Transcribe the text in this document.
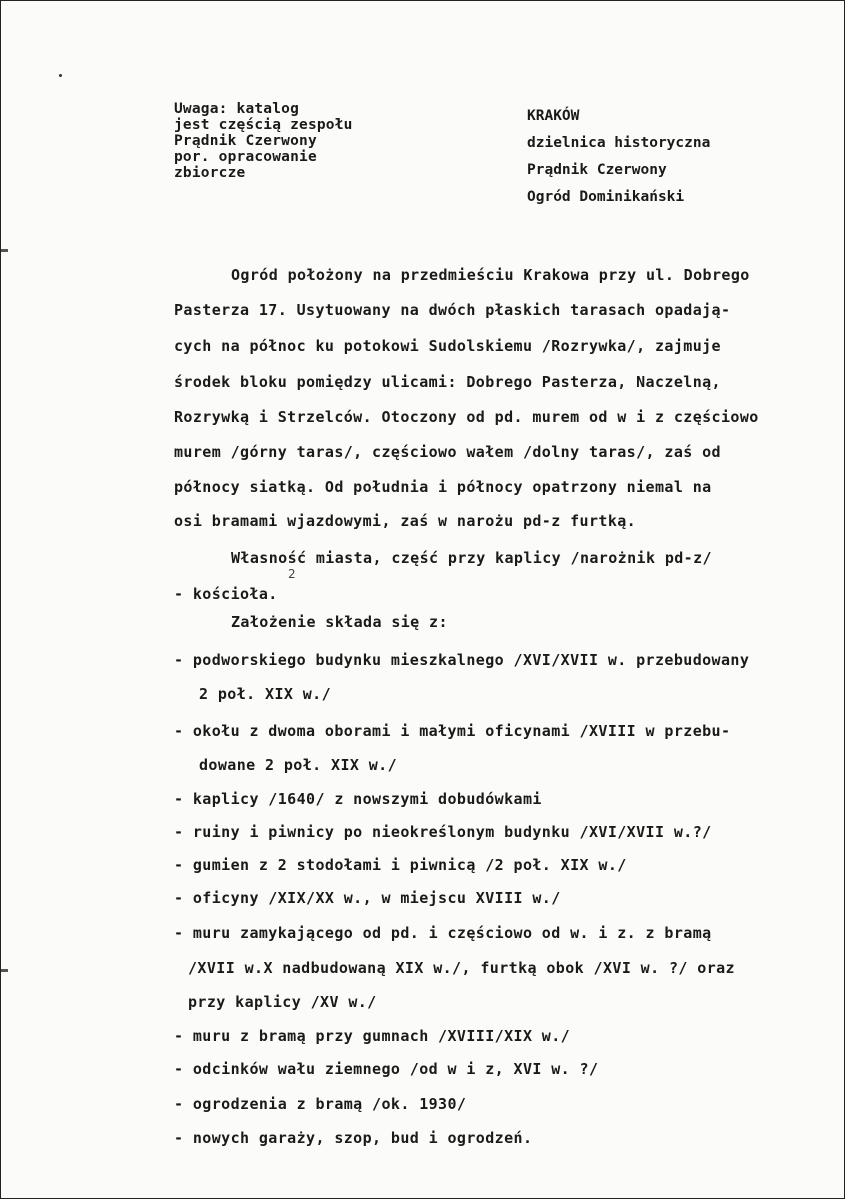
Uwaga: katalog
jest częścią zespołu
Prądnik Czerwony
por. opracowanie
zbiorcze
KRAKÓW
dzielnica historyczna
Prądnik Czerwony
Ogród Dominikański
Ogród położony na przedmieściu Krakowa przy ul. Dobrego
Pasterza 17. Usytuowany na dwóch płaskich tarasach opadają-
cych na północ ku potokowi Sudolskiemu /Rozrywka/, zajmuje
środek bloku pomiędzy ulicami: Dobrego Pasterza, Naczelną,
Rozrywką i Strzelców. Otoczony od pd. murem od w i z częściowo
murem /górny taras/, częściowo wałem /dolny taras/, zaś od
północy siatką. Od południa i północy opatrzony niemal na
osi bramami wjazdowymi, zaś w narożu pd-z furtką.
Własność miasta, część przy kaplicy /narożnik pd-z/
- kościoła.
2
Założenie składa się z:
- podworskiego budynku mieszkalnego /XVI/XVII w. przebudowany
2 poł. XIX w./
- okołu z dwoma oborami i małymi oficynami /XVIII w przebu-
dowane 2 poł. XIX w./
- kaplicy /1640/ z nowszymi dobudówkami
- ruiny i piwnicy po nieokreślonym budynku /XVI/XVII w.?/
- gumien z 2 stodołami i piwnicą /2 poł. XIX w./
- oficyny /XIX/XX w., w miejscu XVIII w./
- muru zamykającego od pd. i częściowo od w. i z. z bramą
/XVII w.X nadbudowaną XIX w./, furtką obok /XVI w. ?/ oraz
przy kaplicy /XV w./
- muru z bramą przy gumnach /XVIII/XIX w./
- odcinków wału ziemnego /od w i z, XVI w. ?/
- ogrodzenia z bramą /ok. 1930/
- nowych garaży, szop, bud i ogrodzeń.
